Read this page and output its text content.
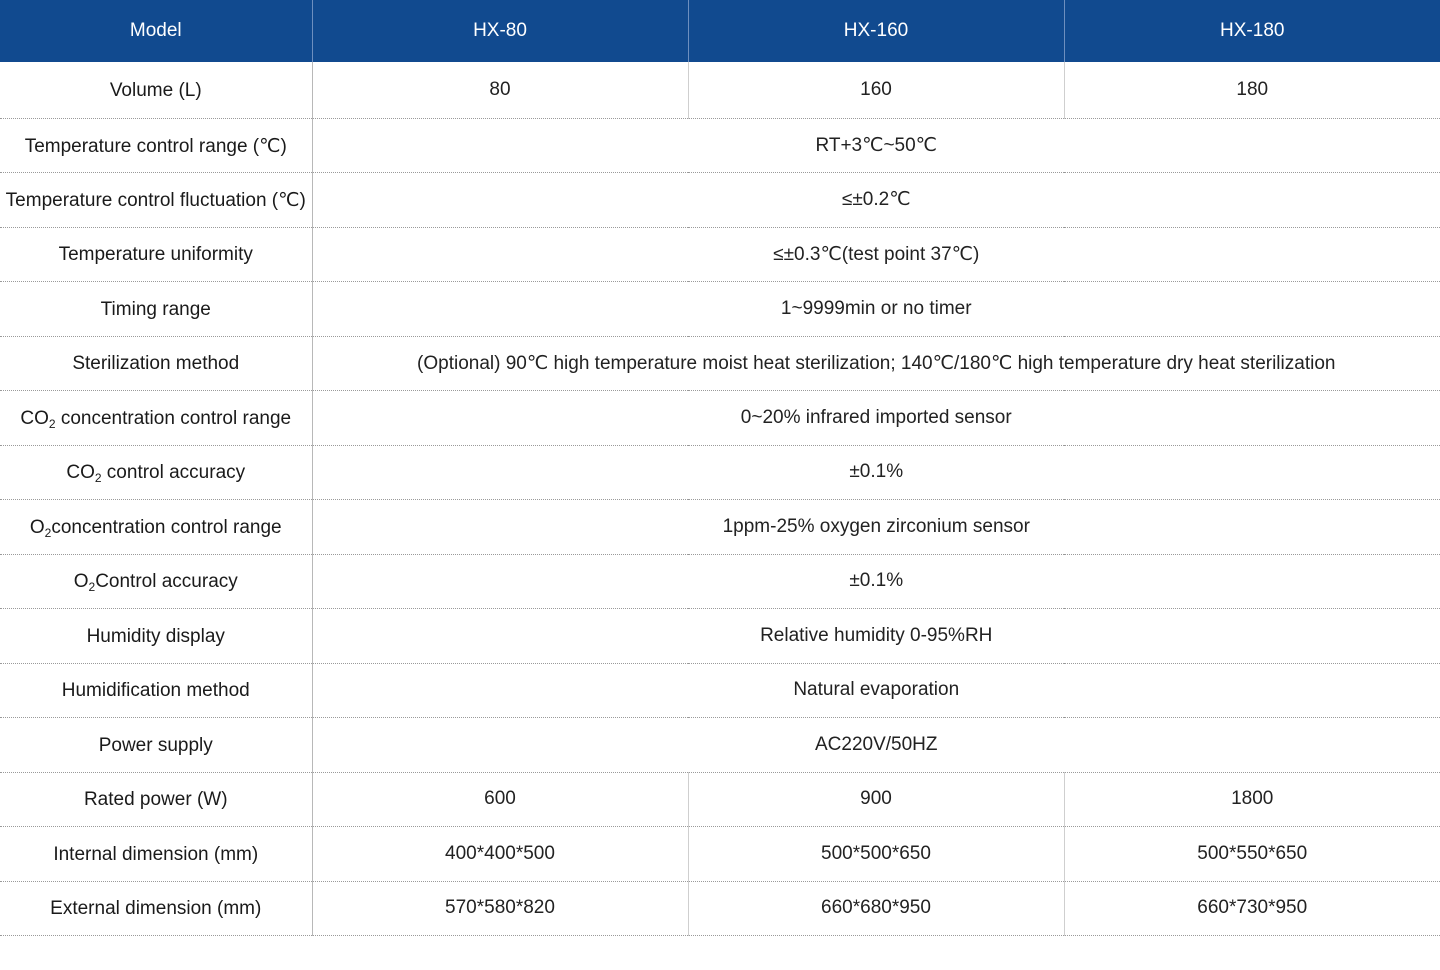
Model	HX-80	HX-160	HX-180
Volume (L)	80	160	180
Temperature control range (℃)	RT+3℃~50℃		
Temperature control fluctuation (℃)	≤±0.2℃		
Temperature uniformity	≤±0.3℃(test point 37℃)		
Timing range	1~9999min or no timer		
Sterilization method	(Optional) 90℃ high temperature moist heat sterilization; 140℃/180℃ high temperature dry heat sterilization		
$CO_2$ concentration control range	0~20% infrared imported sensor		
$CO_2$ control accuracy	±0.1%		
$O_2concentration$ control range	1ppm-25% oxygen zirconium sensor		
$O_2Control$ accuracy	±0.1%		
Humidity display	Relative humidity 0-95%RH		
Humidification method	Natural evaporation		
Power supply	AC220V/50HZ		
Rated power (W)	600	900	1800
Internal dimension (mm)	400*400*500	500*500*650	500*550*650
External dimension (mm)	570*580*820	660*680*950	660*730*950
